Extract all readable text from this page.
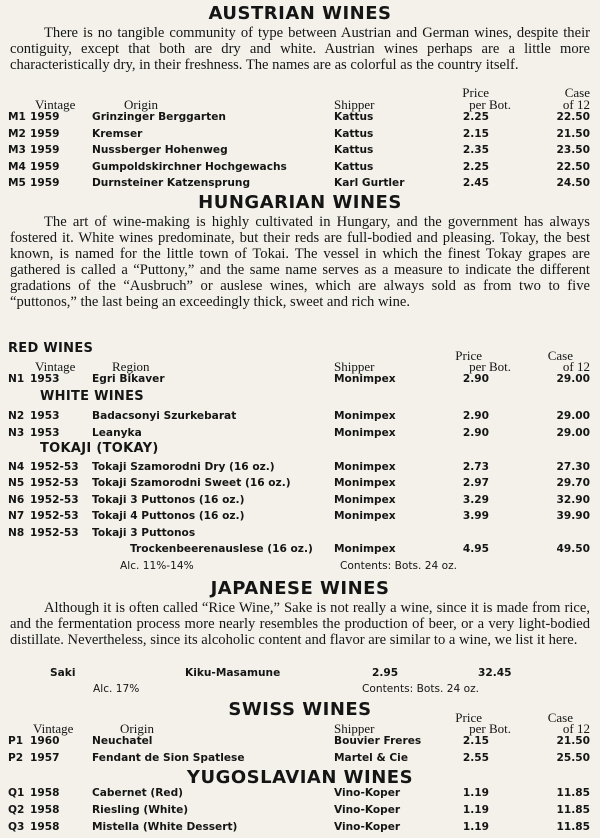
AUSTRIAN WINES
There is no tangible community of type between Austrian and German wines, despite their contiguity, except that both are dry and white. Austrian wines perhaps are a little more characteristically dry, in their freshness. The names are as colorful as the country itself.
Vintage	Origin	Shipper
Price
per Bot.
Case
of 12
M1 1959	Grinzinger Berggarten	Kattus	2.25	22.50
M2 1959	Kremser	Kattus	2.15	21.50
M3 1959	Nussberger Hohenweg	Kattus	2.35	23.50
M4 1959	Gumpoldskirchner Hochgewachs	Kattus	2.25	22.50
M5 1959	Durnsteiner Katzensprung	Karl Gurtler	2.45	24.50
HUNGARIAN WINES
The art of wine-making is highly cultivated in Hungary, and the government has always fostered it. White wines predominate, but their reds are full-bodied and pleasing. Tokay, the best known, is named for the little town of Tokai. The vessel in which the finest Tokay grapes are gathered is called a “Puttony,” and the same name serves as a measure to indicate the different gradations of the “Ausbruch” or auslese wines, which are always sold as from two to five “puttonos,” the last being an exceedingly thick, sweet and rich wine.
RED WINES
Vintage	Region	Shipper
Price
per Bot.
Case
of 12
N1 1953	Egri Bikaver	Monimpex	2.90	29.00
WHITE WINES
N2 1953	Badacsonyi Szurkebarat	Monimpex	2.90	29.00
N3 1953	Leanyka	Monimpex	2.90	29.00
TOKAJI (TOKAY)
N4 1952-53 Tokaji Szamorodni Dry (16 oz.)	Monimpex	2.73	27.30
N5 1952-53 Tokaji Szamorodni Sweet (16 oz.)	Monimpex	2.97	29.70
N6 1952-53 Tokaji 3 Puttonos (16 oz.)	Monimpex	3.29	32.90
N7 1952-53 Tokaji 4 Puttonos (16 oz.)	Monimpex	3.99	39.90
N8 1952-53 Tokaji 3 Puttonos
Trockenbeerenauslese (16 oz.) Monimpex	4.95	49.50
Alc. 11%-14%	Contents: Bots. 24 oz.
JAPANESE WINES
Although it is often called “Rice Wine,” Sake is not really a wine, since it is made from rice, and the fermentation process more nearly resembles the production of beer, or a very light-bodied distillate. Nevertheless, since its alcoholic content and flavor are similar to a wine, we list it here.
Saki	Kiku-Masamune	2.95	32.45
Alc. 17%	Contents: Bots. 24 oz.
SWISS WINES
Vintage	Origin	Shipper
Price
per Bot.
Case
of 12
P1 1960	Neuchatel	Bouvier Freres	2.15	21.50
P2 1957	Fendant de Sion Spatlese	Martel & Cie	2.55	25.50
YUGOSLAVIAN WINES
Q1 1958	Cabernet (Red)	Vino-Koper	1.19	11.85
Q2 1958	Riesling (White)	Vino-Koper	1.19	11.85
Q3 1958	Mistella (White Dessert)	Vino-Koper	1.19	11.85
